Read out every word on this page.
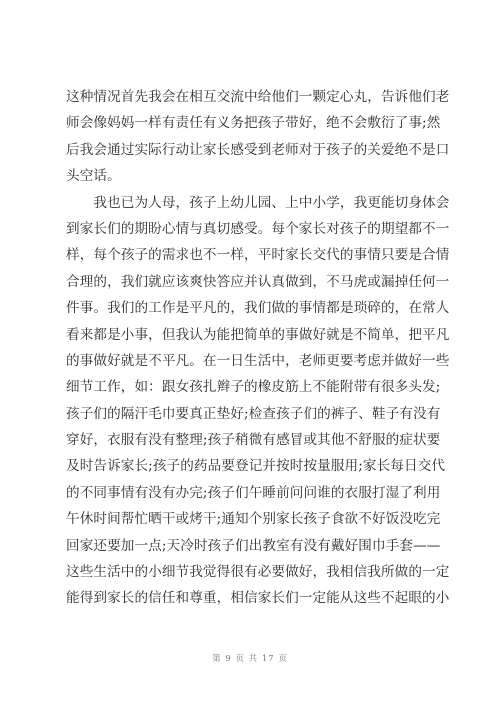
这种情况首先我会在相互交流中给他们一颗定心丸，告诉他们老
师会像妈妈一样有责任有义务把孩子带好，绝不会敷衍了事;然
后我会通过实际行动让家长感受到老师对于孩子的关爱绝不是口
头空话。
　　我也已为人母，孩子上幼儿园、上中小学，我更能切身体会
到家长们的期盼心情与真切感受。每个家长对孩子的期望都不一
样，每个孩子的需求也不一样，平时家长交代的事情只要是合情
合理的，我们就应该爽快答应并认真做到，不马虎或漏掉任何一
件事。我们的工作是平凡的，我们做的事情都是琐碎的，在常人
看来都是小事，但我认为能把简单的事做好就是不简单，把平凡
的事做好就是不平凡。在一日生活中，老师更要考虑并做好一些
细节工作，如：跟女孩扎辫子的橡皮筋上不能附带有很多头发;
孩子们的隔汗毛巾要真正垫好;检查孩子们的裤子、鞋子有没有
穿好，衣服有没有整理;孩子稍微有感冒或其他不舒服的症状要
及时告诉家长;孩子的药品要登记并按时按量服用;家长每日交代
的不同事情有没有办完;孩子们午睡前问问谁的衣服打湿了利用
午休时间帮忙晒干或烤干;通知个别家长孩子食欲不好饭没吃完
回家还要加一点;天冷时孩子们出教室有没有戴好围巾手套——
这些生活中的小细节我觉得很有必要做好，我相信我所做的一定
能得到家长的信任和尊重，相信家长们一定能从这些不起眼的小
第 9 页 共 17 页
